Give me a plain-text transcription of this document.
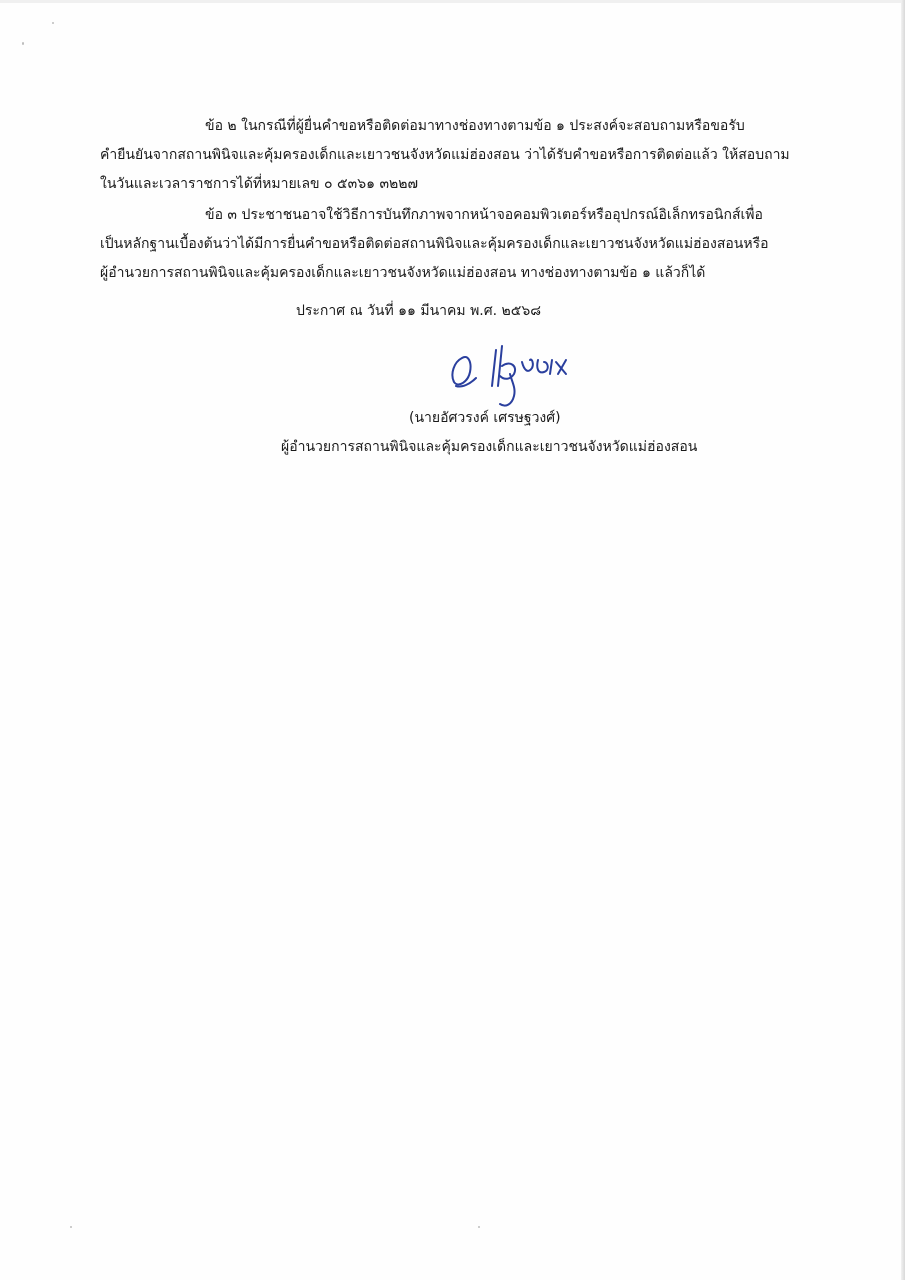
ข้อ ๒ ในกรณีที่ผู้ยื่นคำขอหรือติดต่อมาทางช่องทางตามข้อ ๑ ประสงค์จะสอบถามหรือขอรับ
คำยืนยันจากสถานพินิจและคุ้มครองเด็กและเยาวชนจังหวัดแม่ฮ่องสอน ว่าได้รับคำขอหรือการติดต่อแล้ว ให้สอบถาม
ในวันและเวลาราชการได้ที่หมายเลข ๐ ๕๓๖๑ ๓๒๒๗
ข้อ ๓ ประชาชนอาจใช้วิธีการบันทึกภาพจากหน้าจอคอมพิวเตอร์หรืออุปกรณ์อิเล็กทรอนิกส์เพื่อ
เป็นหลักฐานเบื้องต้นว่าได้มีการยื่นคำขอหรือติดต่อสถานพินิจและคุ้มครองเด็กและเยาวชนจังหวัดแม่ฮ่องสอนหรือ
ผู้อำนวยการสถานพินิจและคุ้มครองเด็กและเยาวชนจังหวัดแม่ฮ่องสอน ทางช่องทางตามข้อ ๑ แล้วก็ได้
ประกาศ ณ วันที่ ๑๑ มีนาคม พ.ศ. ๒๕๖๘
(นายอัศวรงค์ เศรษฐวงศ์)
ผู้อำนวยการสถานพินิจและคุ้มครองเด็กและเยาวชนจังหวัดแม่ฮ่องสอน
